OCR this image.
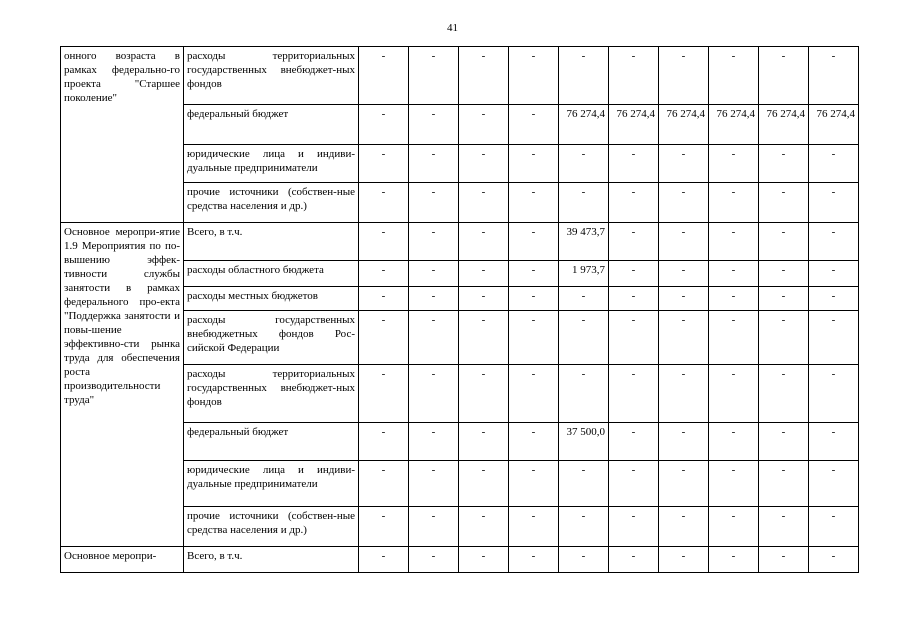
41
онного возраста в рамках федерально-го проекта "Старшее поколение"	расходы территориальных государственных внебюджет-ных фондов	-	-	-	-	-	-	-	-	-	-
	федеральный бюджет	-	-	-	-	76 274,4	76 274,4	76 274,4	76 274,4	76 274,4	76 274,4
	юридические лица и индиви-дуальные предприниматели	-	-	-	-	-	-	-	-	-	-
	прочие источники (собствен-ные средства населения и др.)	-	-	-	-	-	-	-	-	-	-
Основное меропри-ятие 1.9 Мероприятия по по-вышению эффек-тивности службы занятости в рамках федерального про-екта "Поддержка занятости и повы-шение эффективно-сти рынка труда для обеспечения роста производительности труда"	Всего, в т.ч.	-	-	-	-	39 473,7	-	-	-	-	-
	расходы областного бюджета	-	-	-	-	1 973,7	-	-	-	-	-
	расходы местных бюджетов	-	-	-	-	-	-	-	-	-	-
	расходы государственных внебюджетных фондов Рос-сийской Федерации	-	-	-	-	-	-	-	-	-	-
	расходы территориальных государственных внебюджет-ных фондов	-	-	-	-	-	-	-	-	-	-
	федеральный бюджет	-	-	-	-	37 500,0	-	-	-	-	-
	юридические лица и индиви-дуальные предприниматели	-	-	-	-	-	-	-	-	-	-
	прочие источники (собствен-ные средства населения и др.)	-	-	-	-	-	-	-	-	-	-
Основное меропри-	Всего, в т.ч.	-	-	-	-	-	-	-	-	-	-
